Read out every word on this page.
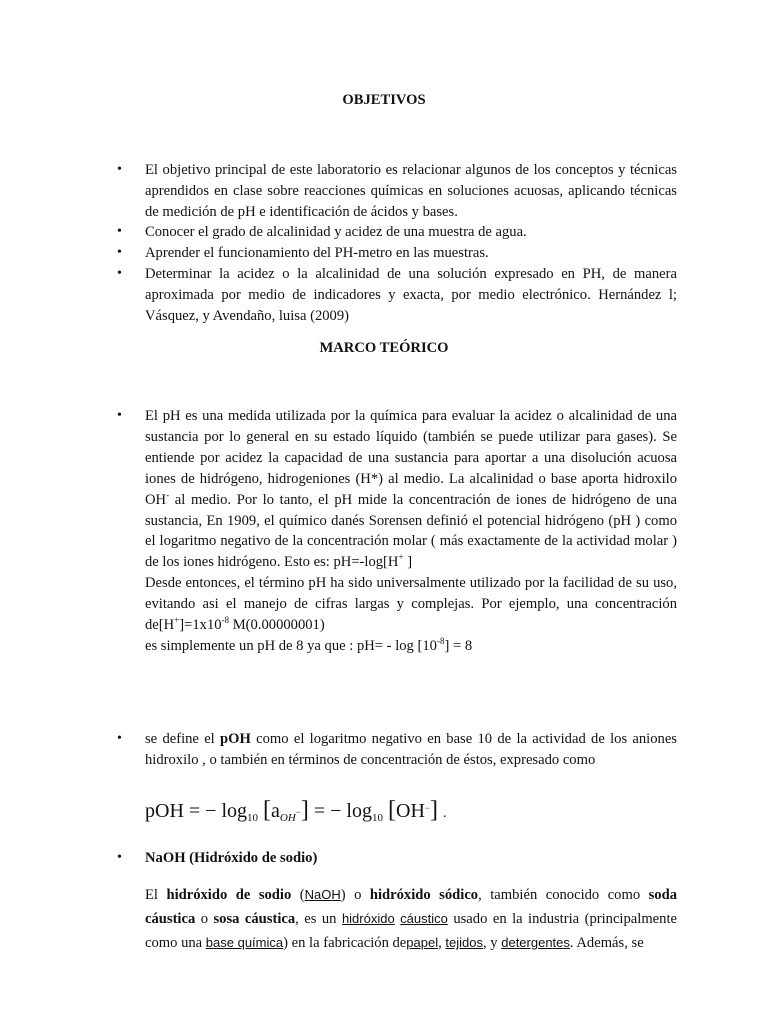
OBJETIVOS
•	El objetivo principal de este laboratorio es relacionar algunos de los conceptos y técnicas aprendidos en clase sobre reacciones químicas en soluciones acuosas, aplicando técnicas de medición de pH e identificación de ácidos y bases.
•	Conocer el grado de alcalinidad y acidez de una muestra de agua.
•	Aprender el funcionamiento del PH-metro en las muestras.
•	Determinar la acidez o la alcalinidad de una solución expresado en PH, de manera aproximada por medio de indicadores y exacta, por medio electrónico. Hernández l; Vásquez, y Avendaño, luisa (2009)
MARCO TEÓRICO
•	El pH es una medida utilizada por la química para evaluar la acidez o alcalinidad de una sustancia por lo general en su estado líquido (también se puede utilizar para gases). Se entiende por acidez la capacidad de una sustancia para aportar a una disolución acuosa iones de hidrógeno, hidrogeniones (H*) al medio. La alcalinidad o base aporta hidroxilo OH- al medio. Por lo tanto, el pH mide la concentración de iones de hidrógeno de una sustancia, En 1909, el químico danés Sorensen definió el potencial hidrógeno (pH ) como el logaritmo negativo de la concentración molar ( más exactamente de la actividad molar ) de los iones hidrógeno. Esto es: pH=-log[H+ ]
Desde entonces, el término pH ha sido universalmente utilizado por la facilidad de su uso, evitando asi el manejo de cifras largas y complejas. Por ejemplo, una concentración $de[H^+]=1x10^{-8}$ M(0.00000001)
es simplemente un pH de 8 ya que : $pH= - \log [10^{-8}] = 8$
•	se define el pOH como el logaritmo negativo en base 10 de la actividad de los aniones hidroxilo , o también en términos de concentración de éstos, expresado como
pOH = − $\log_{10} [a_{OH^-}]$ = − $\log_{10} [OH^-]$ .
•	NaOH (Hidróxido de sodio)
El hidróxido de sodio (NaOH) o hidróxido sódico, también conocido como soda cáustica o sosa cáustica, es un hidróxido cáustico usado en la industria (principalmente como una base química) en la fabricación depapel, tejidos, y detergentes. Además, se
